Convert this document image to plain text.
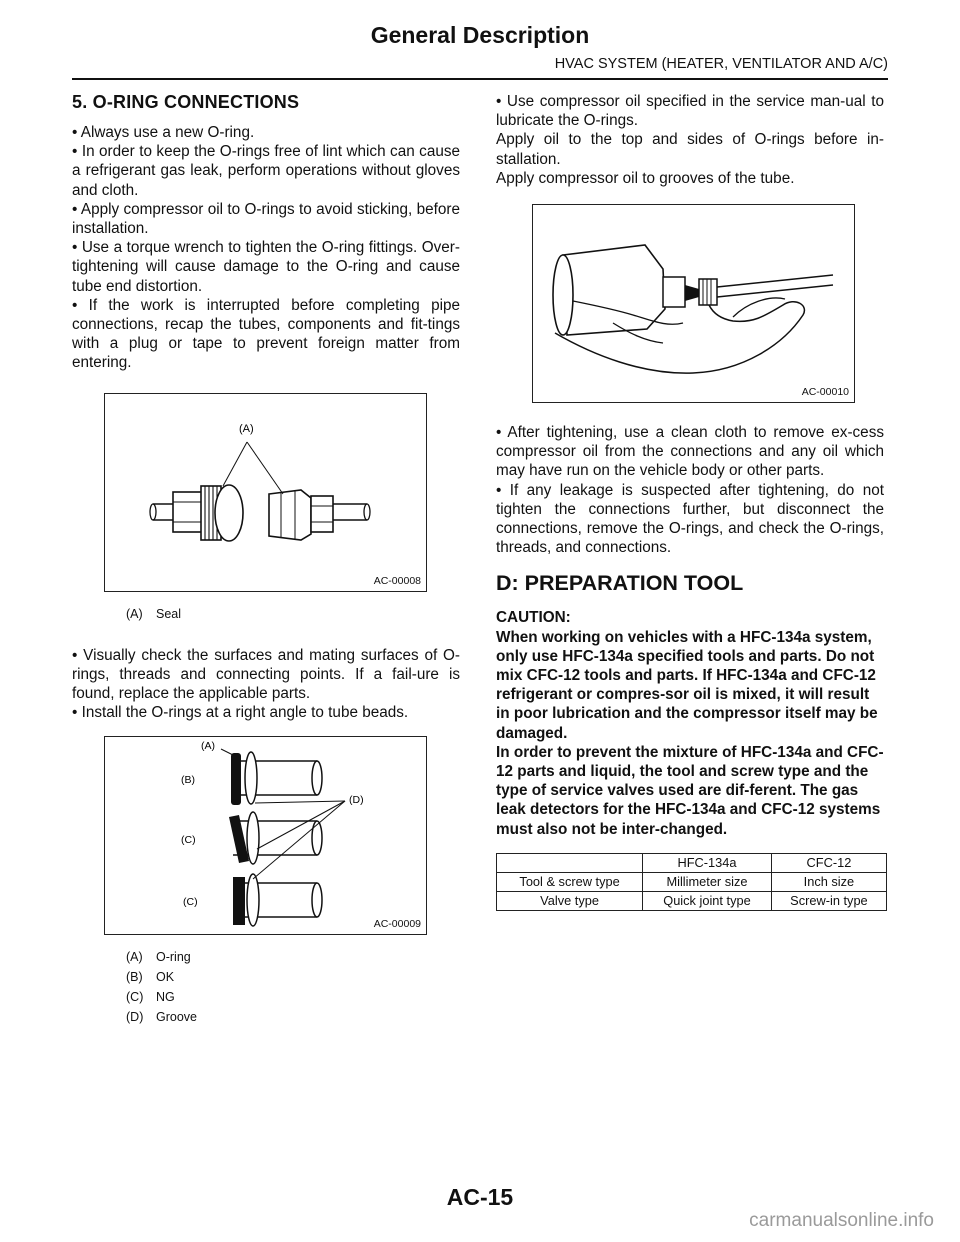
General Description
HVAC SYSTEM (HEATER, VENTILATOR AND A/C)
5. O-RING CONNECTIONS

• Always use a new O-ring.

• In order to keep the O-rings free of lint which can cause a refrigerant gas leak, perform operations without gloves and cloth.

• Apply compressor oil to O-rings to avoid sticking, before installation.

• Use a torque wrench to tighten the O-ring fittings. Over-tightening will cause damage to the O-ring and cause tube end distortion.

• If the work is interrupted before completing pipe connections, recap the tubes, components and fit-tings with a plug or tape to prevent foreign matter from entering.

(A)
AC-00008
(A)	Seal

• Visually check the surfaces and mating surfaces of O-rings, threads and connecting points. If a fail-ure is found, replace the applicable parts.

• Install the O-rings at a right angle to tube beads.

(A)
(B)
(D)
(C)
(C)
AC-00009
(A)	O-ring
(B)	OK
(C)	NG
(D)	Groove

• Use compressor oil specified in the service man-ual to lubricate the O-rings.

Apply oil to the top and sides of O-rings before in-stallation.

Apply compressor oil to grooves of the tube.

AC-00010

• After tightening, use a clean cloth to remove ex-cess compressor oil from the connections and any oil which may have run on the vehicle body or other parts.

• If any leakage is suspected after tightening, do not tighten the connections further, but disconnect the connections, remove the O-rings, and check the O-rings, threads, and connections.

D: PREPARATION TOOL
CAUTION:

When working on vehicles with a HFC-134a system, only use HFC-134a specified tools and parts. Do not mix CFC-12 tools and parts. If HFC-134a and CFC-12 refrigerant or compres-sor oil is mixed, it will result in poor lubrication and the compressor itself may be damaged.

In order to prevent the mixture of HFC-134a and CFC-12 parts and liquid, the tool and screw type and the type of service valves used are dif-ferent. The gas leak detectors for the HFC-134a and CFC-12 systems must also not be inter-changed.

	HFC-134a	CFC-12
Tool & screw type	Millimeter size	Inch size
Valve type	Quick joint type	Screw-in type
AC-15
carmanualsonline.info
